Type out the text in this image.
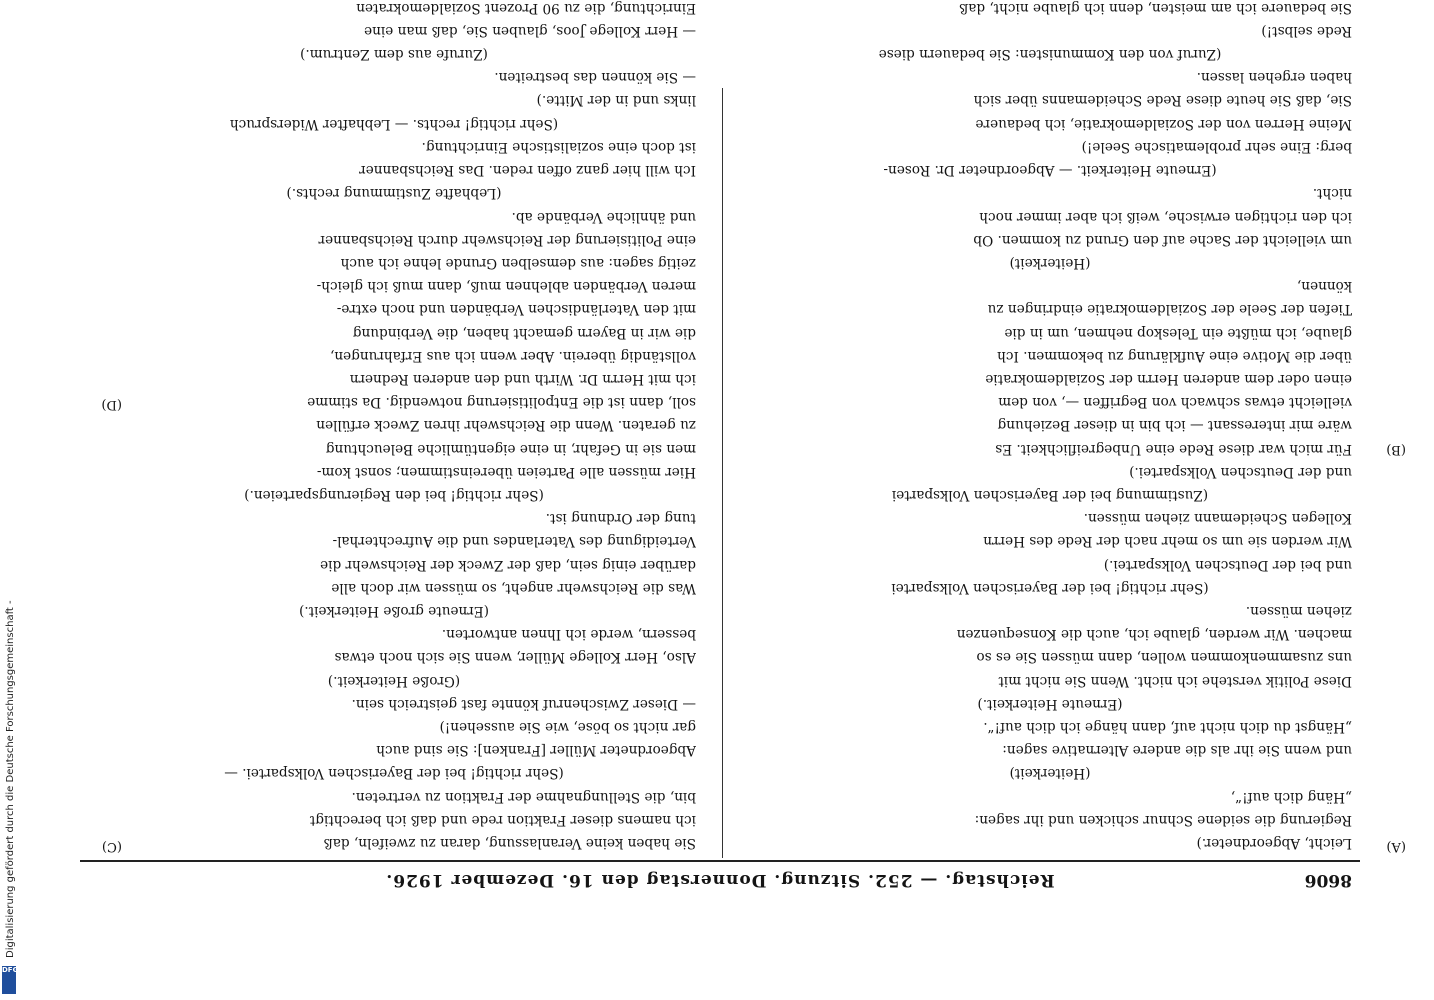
8606
Reichstag. — 252. Sitzung. Donnerstag den 16. Dezember 1926.
(A)
(B)
(C)
(D)
Leicht, Abgeordneter.)
Regierung die seidene Schnur schicken und ihr sagen:
„Häng dich auf!“,
(Heiterkeit)
und wenn Sie ihr als die andere Alternative sagen:
„Hängst du dich nicht auf, dann hänge ich dich auf!“.
(Erneute Heiterkeit.)
Diese Politik verstehe ich nicht. Wenn Sie nicht mit
uns zusammenkommen wollen, dann müssen Sie es so
machen. Wir werden, glaube ich, auch die Konsequenzen
ziehen müssen.
(Sehr richtig! bei der Bayerischen Volkspartei
und bei der Deutschen Volkspartei.)
Wir werden sie um so mehr nach der Rede des Herrn
Kollegen Scheidemann ziehen müssen.
(Zustimmung bei der Bayerischen Volkspartei
und der Deutschen Volkspartei.)
Für mich war diese Rede eine Unbegreiflichkeit. Es
wäre mir interessant — ich bin in dieser Beziehung
vielleicht etwas schwach von Begriffen —, von dem
einen oder dem anderen Herrn der Sozialdemokratie
über die Motive eine Aufklärung zu bekommen. Ich
glaube, ich müßte ein Teleskop nehmen, um in die
Tiefen der Seele der Sozialdemokratie eindringen zu
können,
(Heiterkeit)
um vielleicht der Sache auf den Grund zu kommen. Ob
ich den richtigen erwische, weiß ich aber immer noch
nicht.
(Erneute Heiterkeit. — Abgeordneter Dr. Rosen-
berg: Eine sehr problematische Seele!)
Meine Herren von der Sozialdemokratie, ich bedauere
Sie, daß Sie heute diese Rede Scheidemanns über sich
haben ergehen lassen.
(Zuruf von den Kommunisten: Sie bedauern diese
Rede selbst!)
Sie bedauere ich am meisten, denn ich glaube nicht, daß
Sie haben keine Veranlassung, daran zu zweifeln, daß
ich namens dieser Fraktion rede und daß ich berechtigt
bin, die Stellungnahme der Fraktion zu vertreten.
(Sehr richtig! bei der Bayerischen Volkspartei. —
Abgeordneter Müller [Franken]: Sie sind auch
gar nicht so böse, wie Sie aussehen!)
— Dieser Zwischenruf könnte fast geistreich sein.
(Große Heiterkeit.)
Also, Herr Kollege Müller, wenn Sie sich noch etwas
bessern, werde ich Ihnen antworten.
(Erneute große Heiterkeit.)
Was die Reichswehr angeht, so müssen wir doch alle
darüber einig sein, daß der Zweck der Reichswehr die
Verteidigung des Vaterlandes und die Aufrechterhal-
tung der Ordnung ist.
(Sehr richtig! bei den Regierungsparteien.)
Hier müssen alle Parteien übereinstimmen; sonst kom-
men sie in Gefahr, in eine eigentümliche Beleuchtung
zu geraten. Wenn die Reichswehr ihren Zweck erfüllen
soll, dann ist die Entpolitisierung notwendig. Da stimme
ich mit Herrn Dr. Wirth und den anderen Rednern
vollständig überein. Aber wenn ich aus Erfahrungen,
die wir in Bayern gemacht haben, die Verbindung
mit den Vaterländischen Verbänden und noch extre-
meren Verbänden ablehnen muß, dann muß ich gleich-
zeitig sagen: aus demselben Grunde lehne ich auch
eine Politisierung der Reichswehr durch Reichsbanner
und ähnliche Verbände ab.
(Lebhafte Zustimmung rechts.)
Ich will hier ganz offen reden. Das Reichsbanner
ist doch eine sozialistische Einrichtung.
(Sehr richtig! rechts. — Lebhafter Widerspruch
links und in der Mitte.)
— Sie können das bestreiten.
(Zurufe aus dem Zentrum.)
— Herr Kollege Joos, glauben Sie, daß man eine
Einrichtung, die zu 90 Prozent Sozialdemokraten
Digitalisierung gefördert durch die Deutsche Forschungsgemeinschaft -
DFG
